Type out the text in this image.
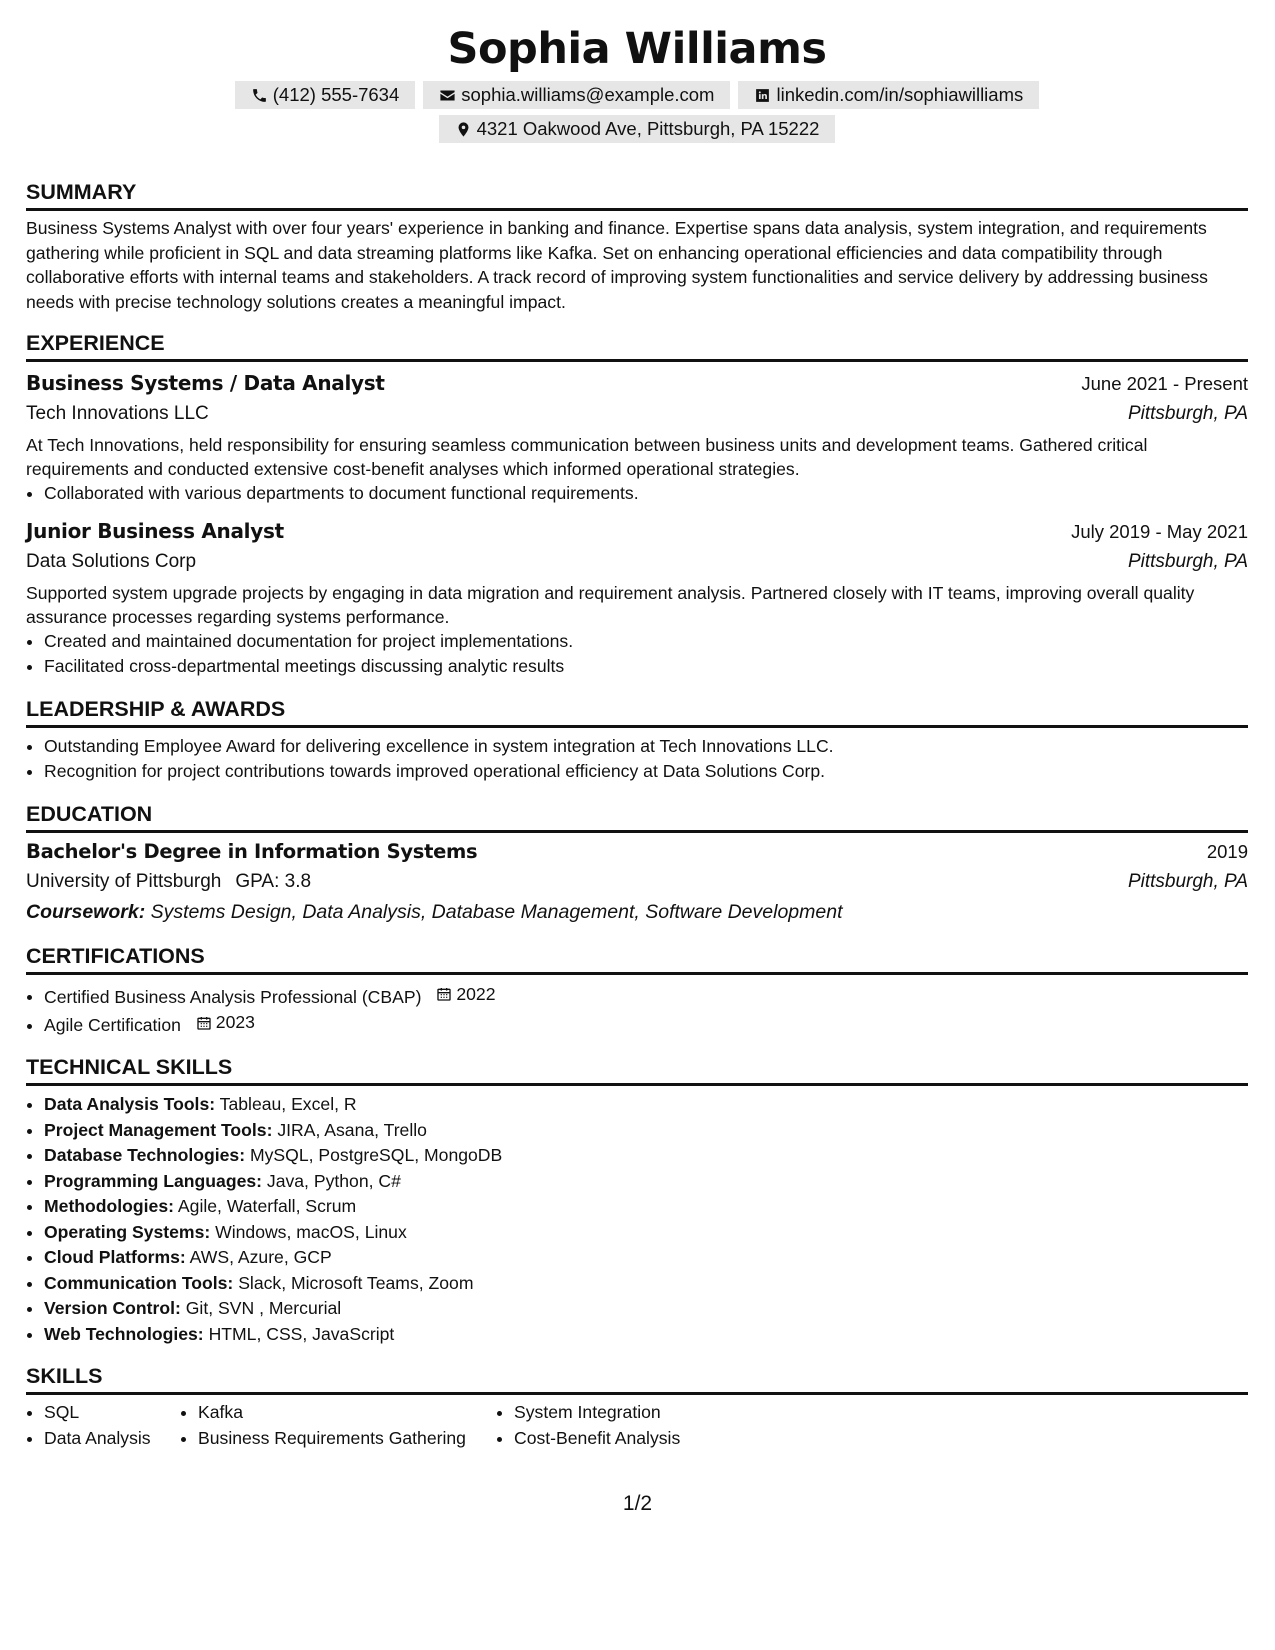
Sophia Williams
(412) 555-7634	sophia.williams@example.com	linkedin.com/in/sophiawilliams
4321 Oakwood Ave, Pittsburgh, PA 15222
SUMMARY

Business Systems Analyst with over four years' experience in banking and finance. Expertise spans data analysis, system integration, and requirements gathering while proficient in SQL and data streaming platforms like Kafka. Set on enhancing operational efficiencies and data compatibility through collaborative efforts with internal teams and stakeholders. A track record of improving system functionalities and service delivery by addressing business needs with precise technology solutions creates a meaningful impact.

EXPERIENCE
Business Systems / Data Analyst	June 2021 - Present
Tech Innovations LLC	Pittsburgh, PA

At Tech Innovations, held responsibility for ensuring seamless communication between business units and development teams. Gathered critical requirements and conducted extensive cost-benefit analyses which informed operational strategies.

• Collaborated with various departments to document functional requirements.
Junior Business Analyst	July 2019 - May 2021
Data Solutions Corp	Pittsburgh, PA

Supported system upgrade projects by engaging in data migration and requirement analysis. Partnered closely with IT teams, improving overall quality assurance processes regarding systems performance.

• Created and maintained documentation for project implementations.
• Facilitated cross-departmental meetings discussing analytic results
LEADERSHIP & AWARDS
• Outstanding Employee Award for delivering excellence in system integration at Tech Innovations LLC.
• Recognition for project contributions towards improved operational efficiency at Data Solutions Corp.
EDUCATION
Bachelor's Degree in Information Systems	2019
University of Pittsburgh GPA: 3.8	Pittsburgh, PA
Coursework: Systems Design, Data Analysis, Database Management, Software Development
CERTIFICATIONS
• Certified Business Analysis Professional (CBAP) 2022
• Agile Certification 2023
TECHNICAL SKILLS
• Data Analysis Tools: Tableau, Excel, R
• Project Management Tools: JIRA, Asana, Trello
• Database Technologies: MySQL, PostgreSQL, MongoDB
• Programming Languages: Java, Python, C#
• Methodologies: Agile, Waterfall, Scrum
• Operating Systems: Windows, macOS, Linux
• Cloud Platforms: AWS, Azure, GCP
• Communication Tools: Slack, Microsoft Teams, Zoom
• Version Control: Git, SVN , Mercurial
• Web Technologies: HTML, CSS, JavaScript
SKILLS
• SQL
• Data Analysis
• Kafka
• Business Requirements Gathering
• System Integration
• Cost-Benefit Analysis
1/2
